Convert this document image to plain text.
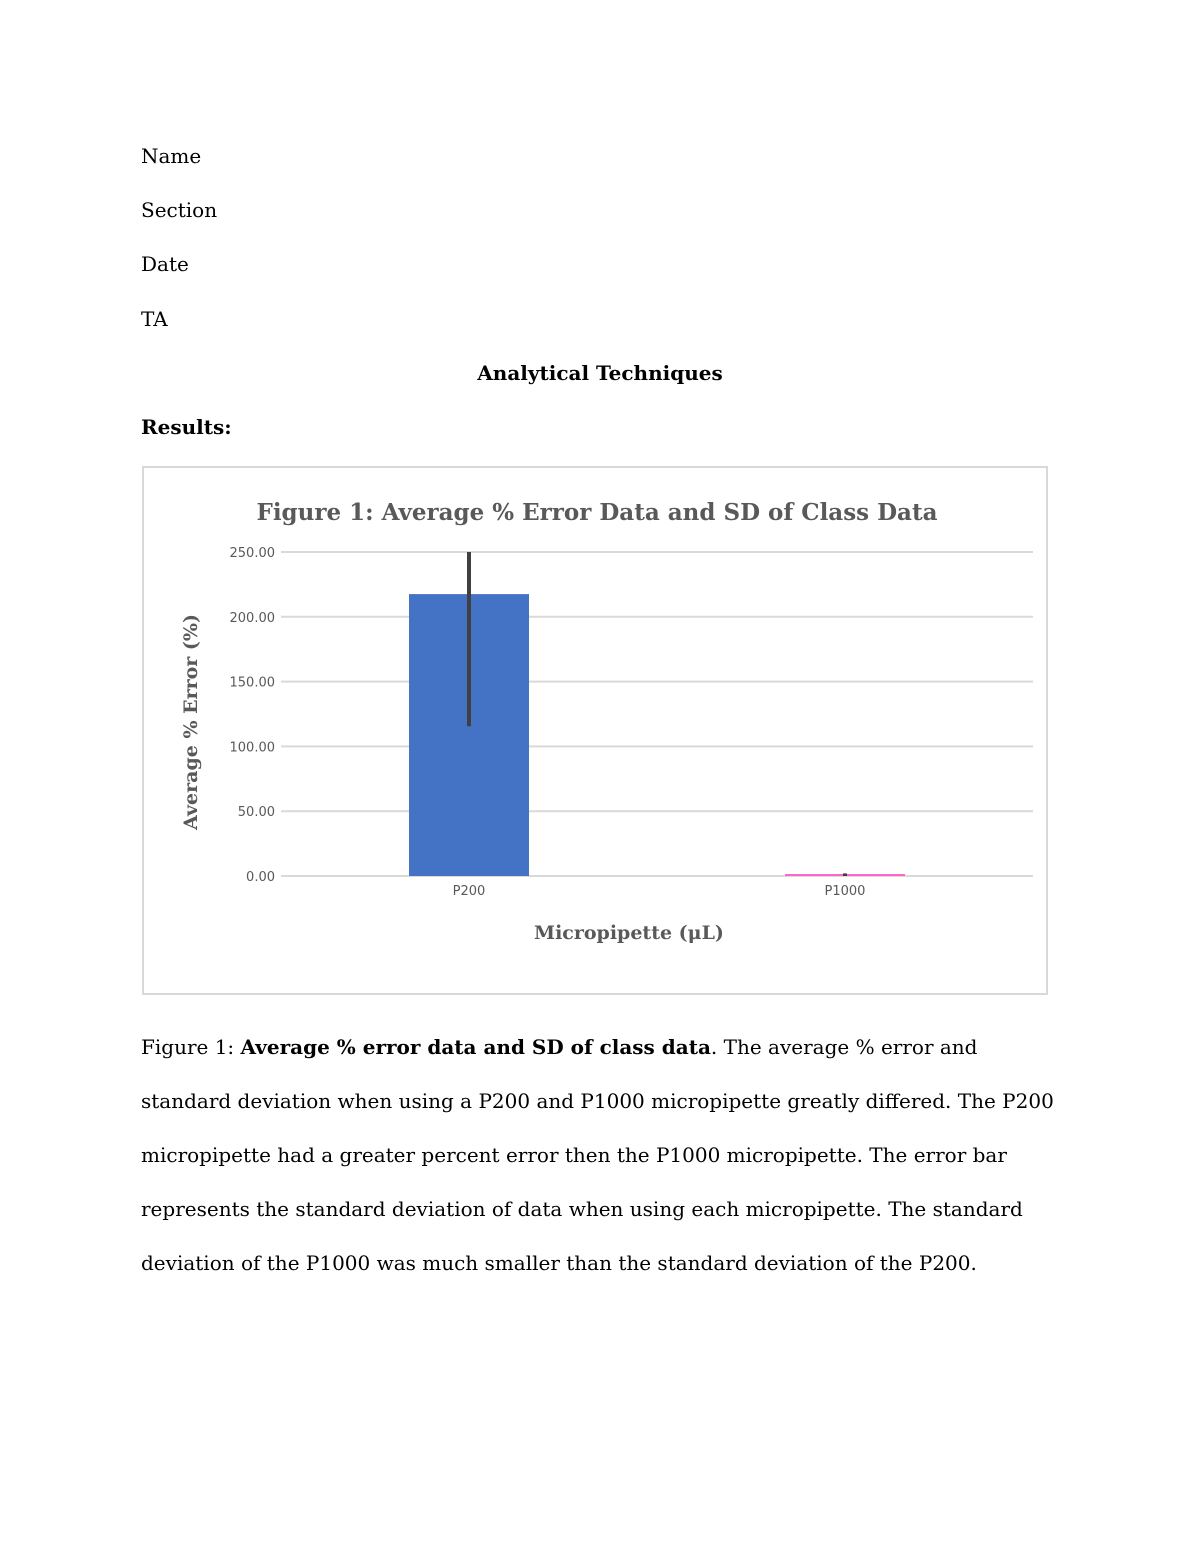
Name

Section

Date

TA

Analytical Techniques

Results:

Figure 1: Average % Error Data and SD of Class Data
0.00
50.00
100.00
150.00
200.00
250.00
P200	P1000
Average % Error (%)
Micropipette (μL)

Figure 1: Average % error data and SD of class data. The average % error and standard deviation when using a P200 and P1000 micropipette greatly differed. The P200 micropipette had a greater percent error then the P1000 micropipette. The error bar represents the standard deviation of data when using each micropipette. The standard deviation of the P1000 was much smaller than the standard deviation of the P200.
